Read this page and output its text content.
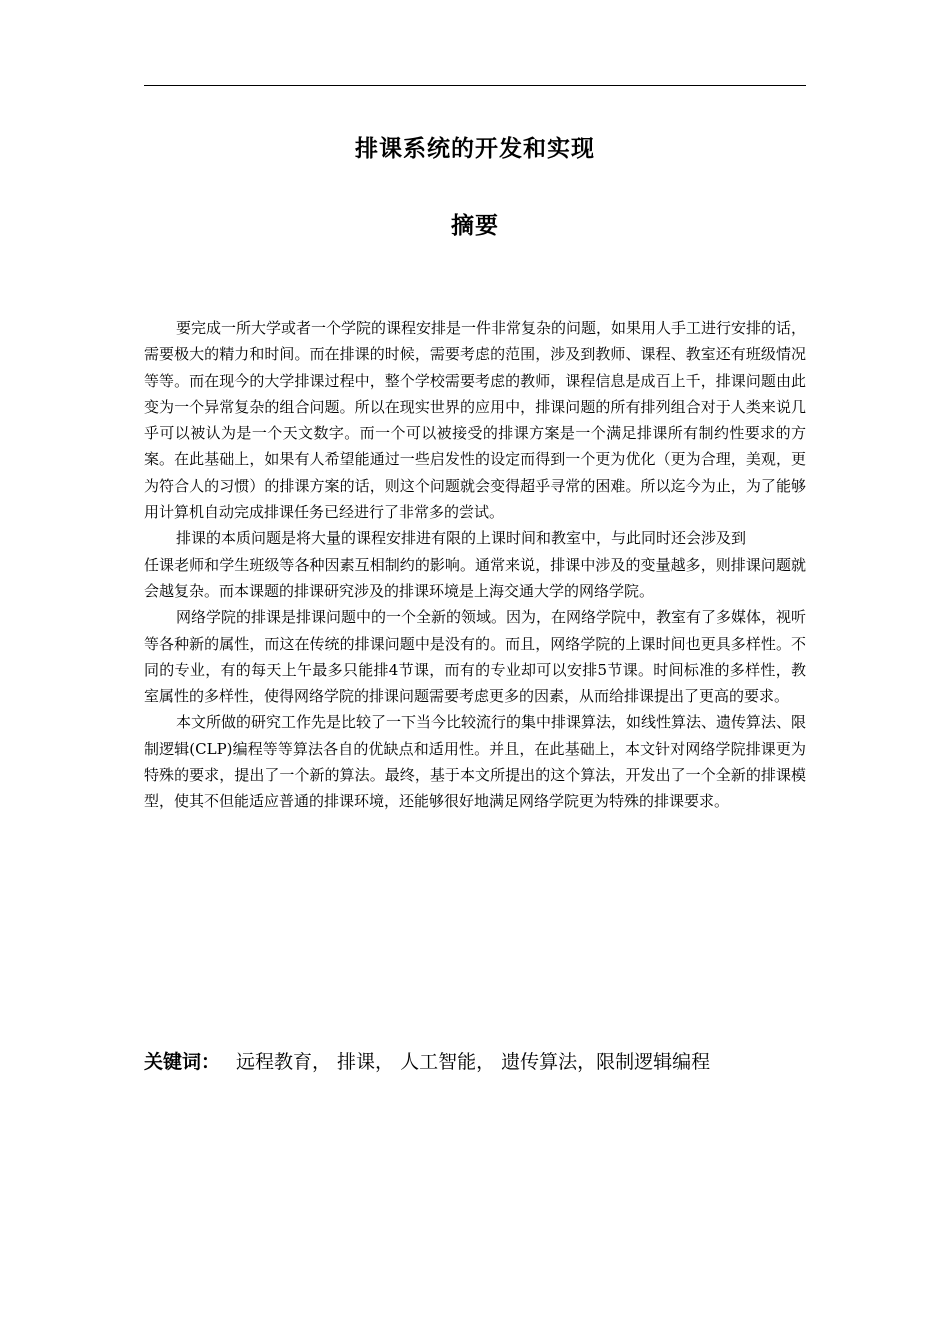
排课系统的开发和实现
摘要

要完成一所大学或者一个学院的课程安排是一件非常复杂的问题，如果用人手工进行安排的话，需要极大的精力和时间。而在排课的时候，需要考虑的范围，涉及到教师、课程、教室还有班级情况等等。而在现今的大学排课过程中，整个学校需要考虑的教师，课程信息是成百上千，排课问题由此变为一个异常复杂的组合问题。所以在现实世界的应用中，排课问题的所有排列组合对于人类来说几乎可以被认为是一个天文数字。而一个可以被接受的排课方案是一个满足排课所有制约性要求的方案。在此基础上，如果有人希望能通过一些启发性的设定而得到一个更为优化（更为合理，美观，更为符合人的习惯）的排课方案的话，则这个问题就会变得超乎寻常的困难。所以迄今为止，为了能够用计算机自动完成排课任务已经进行了非常多的尝试。

排课的本质问题是将大量的课程安排进有限的上课时间和教室中，与此同时还会涉及到

任课老师和学生班级等各种因素互相制约的影响。通常来说，排课中涉及的变量越多，则排课问题就会越复杂。而本课题的排课研究涉及的排课环境是上海交通大学的网络学院。

网络学院的排课是排课问题中的一个全新的领域。因为，在网络学院中，教室有了多媒体，视听等各种新的属性，而这在传统的排课问题中是没有的。而且，网络学院的上课时间也更具多样性。不同的专业，有的每天上午最多只能排4节课，而有的专业却可以安排5节课。时间标准的多样性，教室属性的多样性，使得网络学院的排课问题需要考虑更多的因素，从而给排课提出了更高的要求。

本文所做的研究工作先是比较了一下当今比较流行的集中排课算法，如线性算法、遗传算法、限制逻辑(CLP)编程等等算法各自的优缺点和适用性。并且，在此基础上，本文针对网络学院排课更为特殊的要求，提出了一个新的算法。最终，基于本文所提出的这个算法，开发出了一个全新的排课模型，使其不但能适应普通的排课环境，还能够很好地满足网络学院更为特殊的排课要求。

关键词： 远程教育， 排课， 人工智能， 遗传算法，限制逻辑编程
